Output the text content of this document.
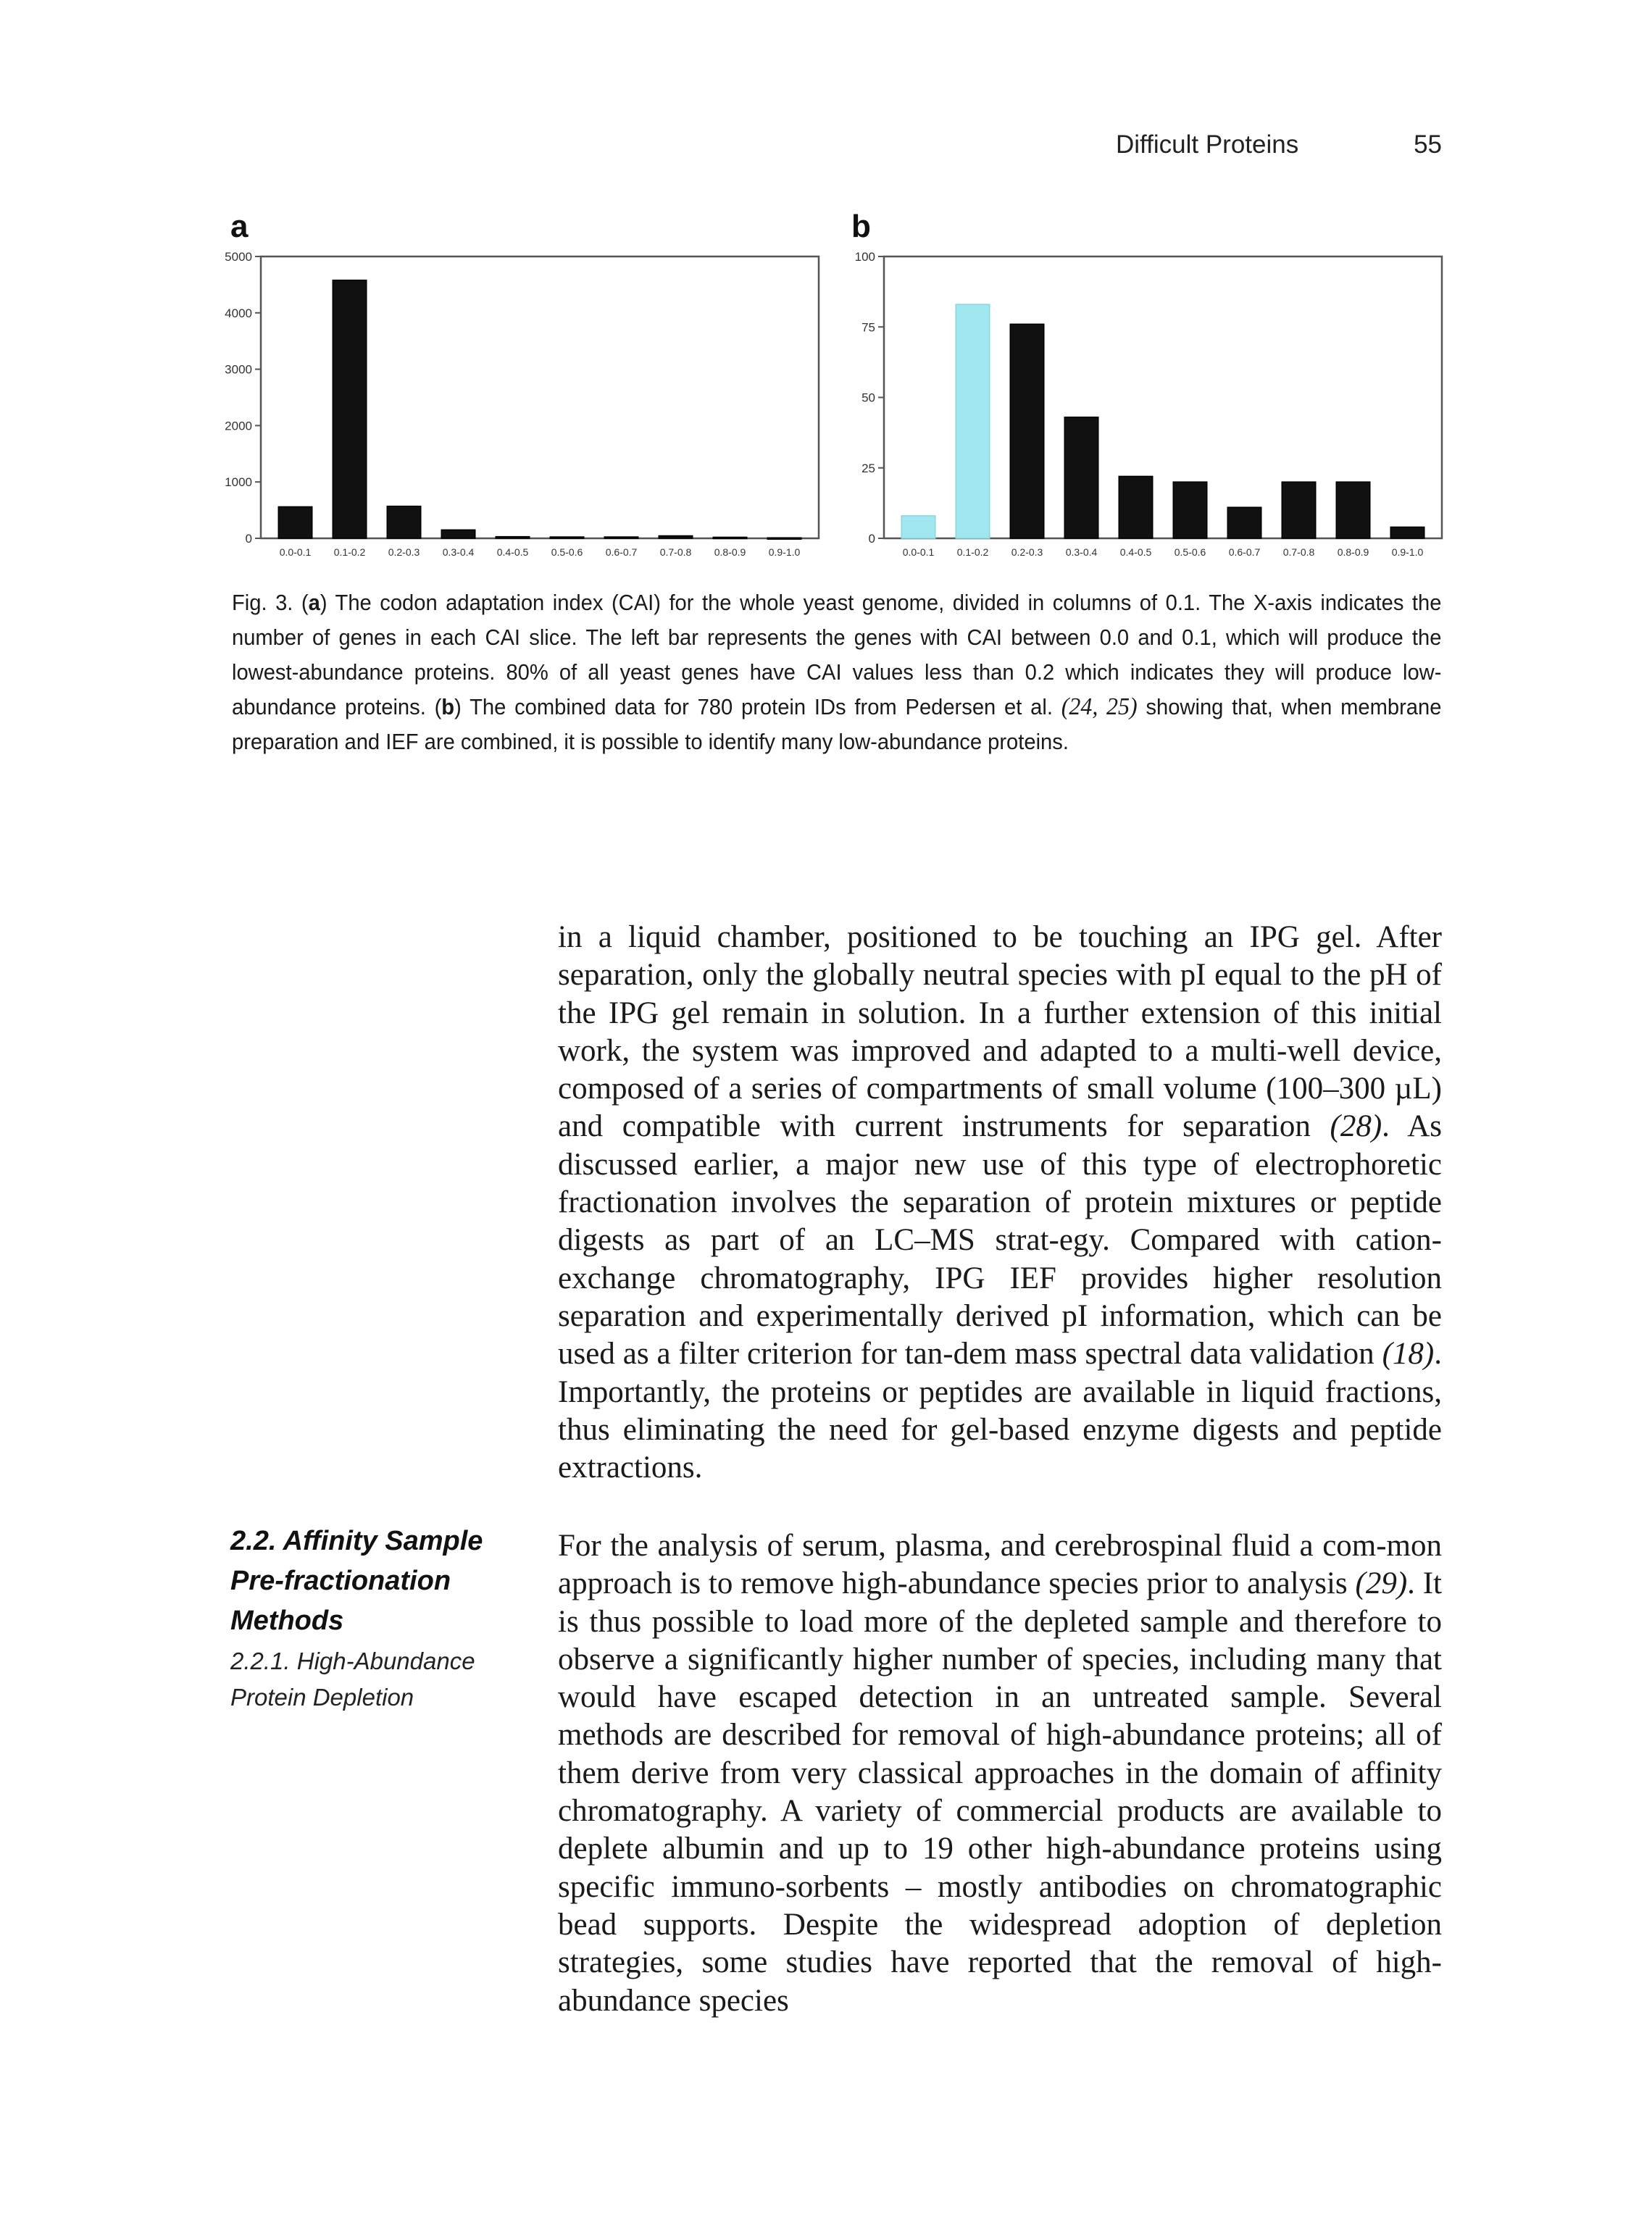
Difficult Proteins	55
a	b
0
1000
2000
3000
4000
5000
0.0-0.1 0.1-0.2 0.2-0.3 0.3-0.4 0.4-0.5 0.5-0.6 0.6-0.7 0.7-0.8 0.8-0.9 0.9-1.0
0
25
50
75
100
0.0-0.1 0.1-0.2 0.2-0.3 0.3-0.4 0.4-0.5 0.5-0.6 0.6-0.7 0.7-0.8 0.8-0.9 0.9-1.0
Fig. 3. (a) The codon adaptation index (CAI) for the whole yeast genome, divided in columns of 0.1. The X-axis indicates the number of genes in each CAI slice. The left bar represents the genes with CAI between 0.0 and 0.1, which will produce the lowest-abundance proteins. 80% of all yeast genes have CAI values less than 0.2 which indicates they will produce low-abundance proteins. (b) The combined data for 780 protein IDs from Pedersen et al. (24, 25) showing that, when membrane preparation and IEF are combined, it is possible to identify many low-abundance proteins.
in a liquid chamber, positioned to be touching an IPG gel. After separation, only the globally neutral species with pI equal to the pH of the IPG gel remain in solution. In a further extension of this initial work, the system was improved and adapted to a multi-well device, composed of a series of compartments of small volume (100–300 µL) and compatible with current instruments for separation (28). As discussed earlier, a major new use of this type of electrophoretic fractionation involves the separation of protein mixtures or peptide digests as part of an LC–MS strat-egy. Compared with cation-exchange chromatography, IPG IEF provides higher resolution separation and experimentally derived pI information, which can be used as a filter criterion for tan-dem mass spectral data validation (18). Importantly, the proteins or peptides are available in liquid fractions, thus eliminating the need for gel-based enzyme digests and peptide extractions.
2.2. Affinity Sample Pre-fractionation Methods
2.2.1. High-Abundance Protein Depletion
For the analysis of serum, plasma, and cerebrospinal fluid a com-mon approach is to remove high-abundance species prior to analysis (29). It is thus possible to load more of the depleted sample and therefore to observe a significantly higher number of species, including many that would have escaped detection in an untreated sample. Several methods are described for removal of high-abundance proteins; all of them derive from very classical approaches in the domain of affinity chromatography. A variety of commercial products are available to deplete albumin and up to 19 other high-abundance proteins using specific immuno-sorbents – mostly antibodies on chromatographic bead supports. Despite the widespread adoption of depletion strategies, some studies have reported that the removal of high-abundance species
